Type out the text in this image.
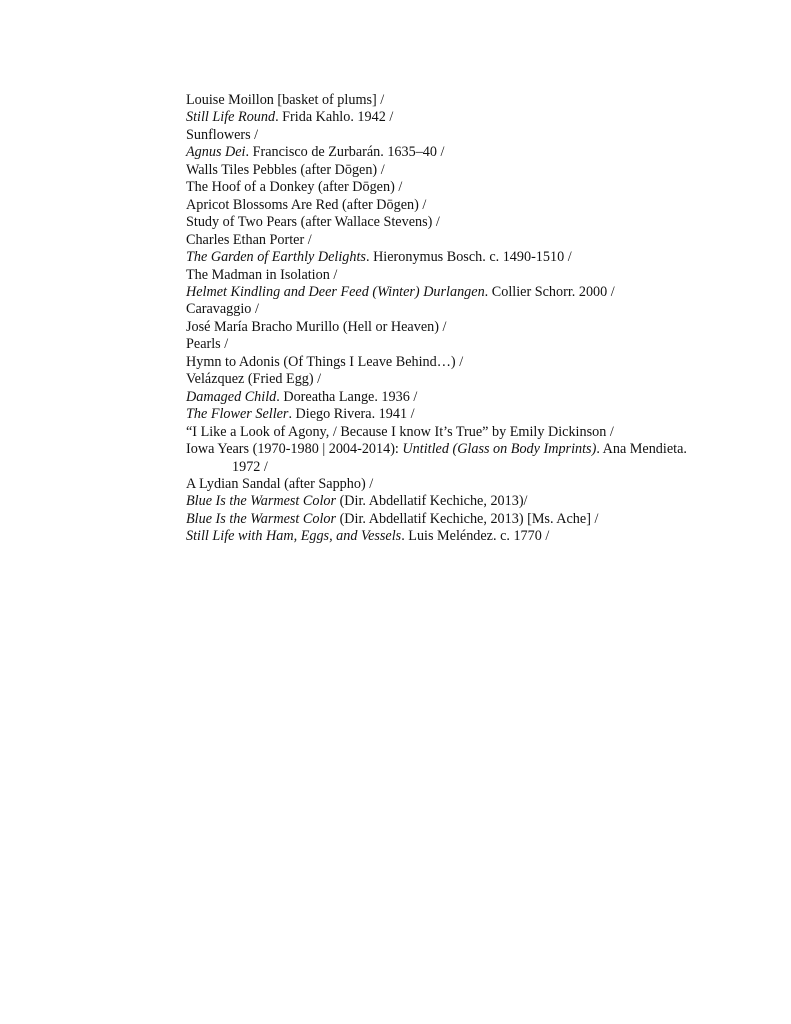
Louise Moillon [basket of plums] /
Still Life Round. Frida Kahlo. 1942 /
Sunflowers /
Agnus Dei. Francisco de Zurbarán. 1635–40 /
Walls Tiles Pebbles (after Dōgen) /
The Hoof of a Donkey (after Dōgen) /
Apricot Blossoms Are Red (after Dōgen) /
Study of Two Pears (after Wallace Stevens) /
Charles Ethan Porter /
The Garden of Earthly Delights. Hieronymus Bosch. c. 1490-1510 /
The Madman in Isolation /
Helmet Kindling and Deer Feed (Winter) Durlangen. Collier Schorr. 2000 /
Caravaggio /
José María Bracho Murillo (Hell or Heaven) /
Pearls /
Hymn to Adonis (Of Things I Leave Behind…) /
Velázquez (Fried Egg) /
Damaged Child. Doreatha Lange. 1936 /
The Flower Seller. Diego Rivera. 1941 /
“I Like a Look of Agony, / Because I know It’s True” by Emily Dickinson /
Iowa Years (1970-1980 | 2004-2014): Untitled (Glass on Body Imprints). Ana Mendieta.
1972 /
A Lydian Sandal (after Sappho) /
Blue Is the Warmest Color (Dir. Abdellatif Kechiche, 2013)/
Blue Is the Warmest Color (Dir. Abdellatif Kechiche, 2013) [Ms. Ache] /
Still Life with Ham, Eggs, and Vessels. Luis Meléndez. c. 1770 /
